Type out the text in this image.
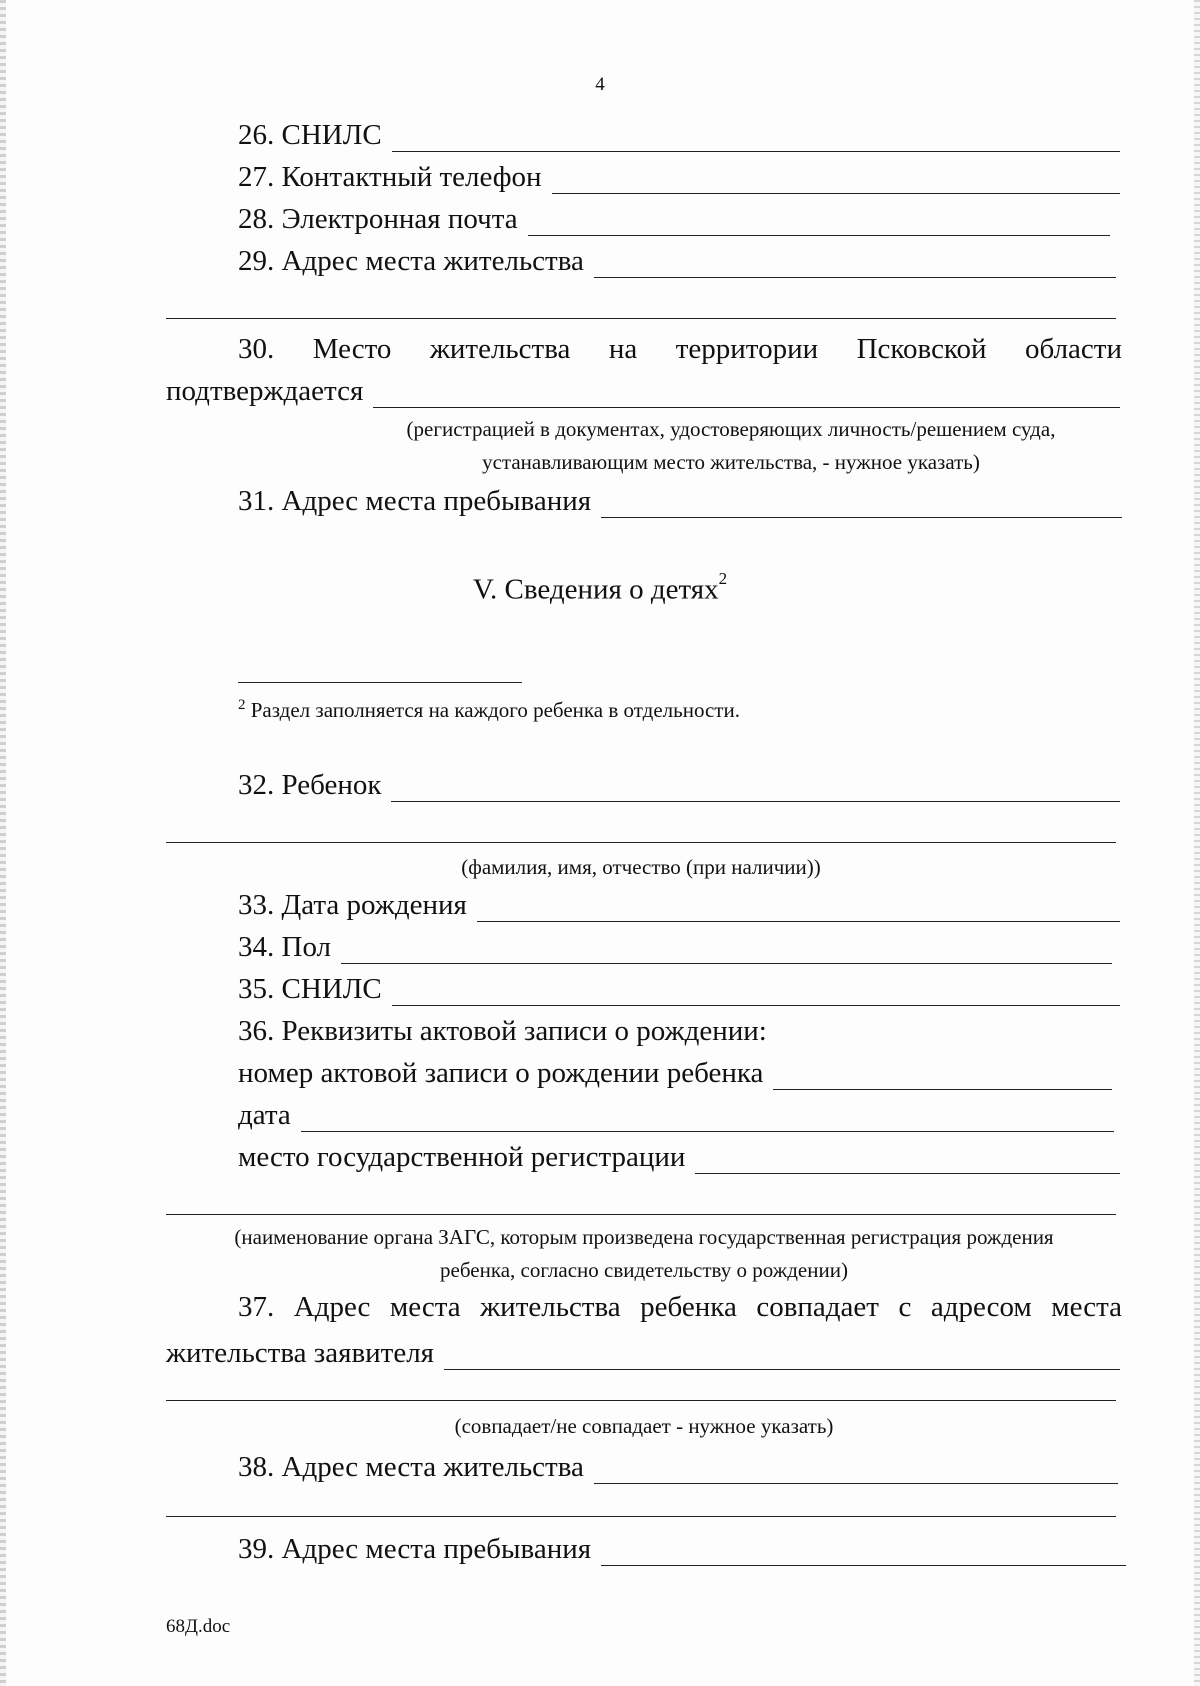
4
26. СНИЛС
27. Контактный телефон
28. Электронная почта
29. Адрес места жительства
30. Место жительства на территории Псковской области
подтверждается
(регистрацией в документах, удостоверяющих личность/решением суда,
устанавливающим место жительства, - нужное указать)
31. Адрес места пребывания
V. Сведения о детях$^2$
$^2$ Раздел заполняется на каждого ребенка в отдельности.
32. Ребенок
(фамилия, имя, отчество (при наличии))
33. Дата рождения
34. Пол
35. СНИЛС
36. Реквизиты актовой записи о рождении:
номер актовой записи о рождении ребенка
дата
место государственной регистрации
(наименование органа ЗАГС, которым произведена государственная регистрация рождения
ребенка, согласно свидетельству о рождении)
37. Адрес места жительства ребенка совпадает с адресом места
жительства заявителя
(совпадает/не совпадает - нужное указать)
38. Адрес места жительства
39. Адрес места пребывания
68Д.doc
